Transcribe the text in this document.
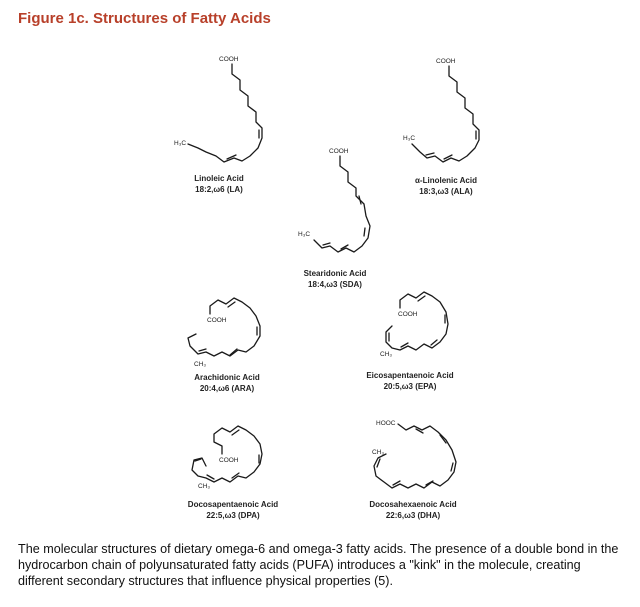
Figure 1c. Structures of Fatty Acids
COOH
H₃C
Linoleic Acid
18:2,ω6 (LA)
COOH
H₃C
α-Linolenic Acid
18:3,ω3 (ALA)
COOH
H₃C
Stearidonic Acid
18:4,ω3 (SDA)
COOH
CH₃
Arachidonic Acid
20:4,ω6 (ARA)
COOH
CH₃
Eicosapentaenoic Acid
20:5,ω3 (EPA)
COOH
CH₃
Docosapentaenoic Acid
22:5,ω3 (DPA)
HOOC
CH₃
Docosahexaenoic Acid
22:6,ω3 (DHA)
The molecular structures of dietary omega-6 and omega-3 fatty acids. The presence of a double bond in the hydrocarbon chain of polyunsaturated fatty acids (PUFA) introduces a "kink" in the molecule, creating different secondary structures that influence physical properties (5).
